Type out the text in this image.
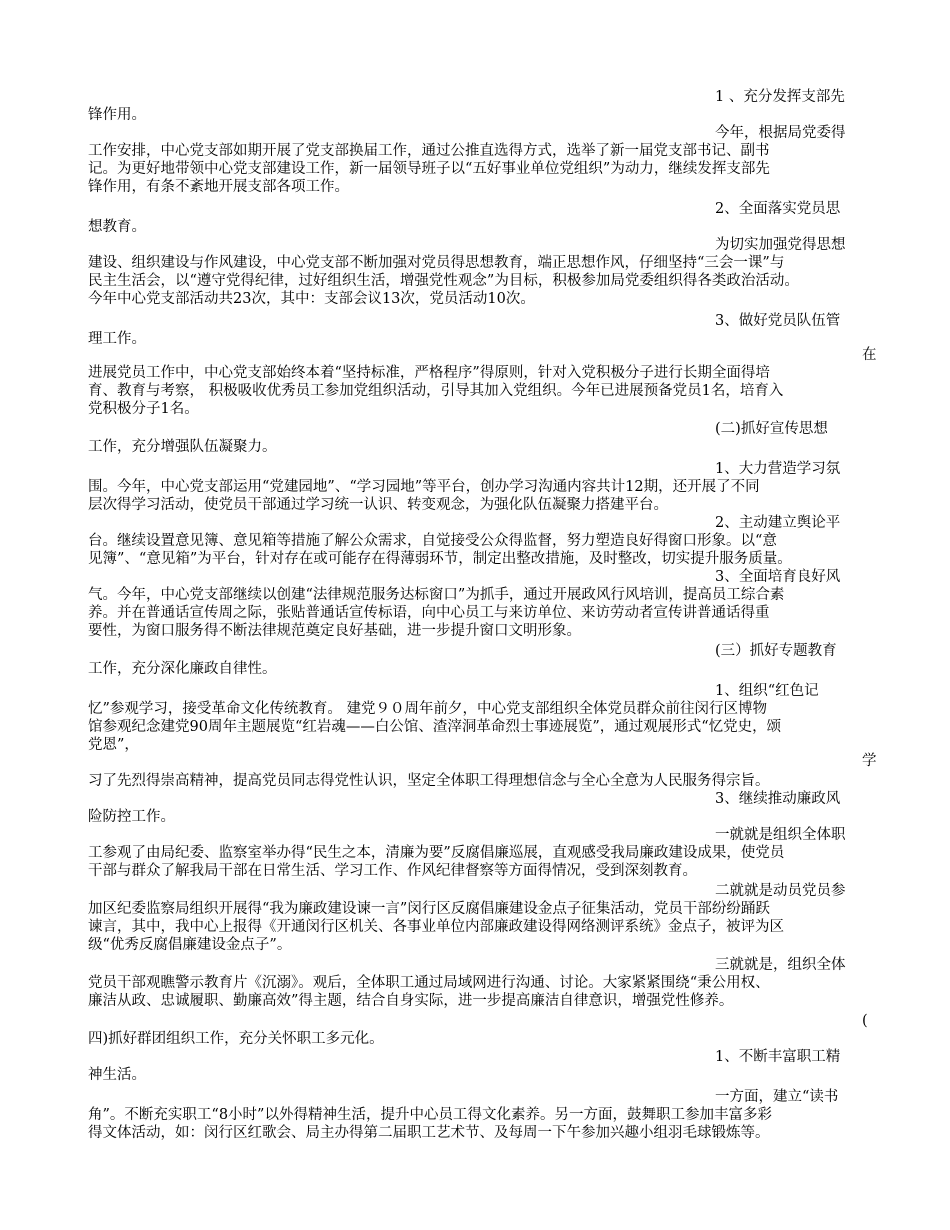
1 、充分发挥支部先
锋作用。
今年，根据局党委得
工作安排，中心党支部如期开展了党支部换届工作，通过公推直选得方式，选举了新一届党支部书记、副书
记。为更好地带领中心党支部建设工作，新一届领导班子以“五好事业单位党组织”为动力，继续发挥支部先
锋作用，有条不紊地开展支部各项工作。
2、全面落实党员思
想教育。
为切实加强党得思想
建设、组织建设与作风建设，中心党支部不断加强对党员得思想教育，端正思想作风，仔细坚持“三会一课”与
民主生活会，以“遵守党得纪律，过好组织生活，增强党性观念”为目标，积极参加局党委组织得各类政治活动。
今年中心党支部活动共23次，其中：支部会议13次，党员活动10次。
3、做好党员队伍管
理工作。
在
进展党员工作中，中心党支部始终本着“坚持标准，严格程序”得原则，针对入党积极分子进行长期全面得培
育、教育与考察， 积极吸收优秀员工参加党组织活动，引导其加入党组织。今年已进展预备党员1名，培育入
党积极分子1名。
(二)抓好宣传思想
工作，充分增强队伍凝聚力。
1、大力营造学习氛
围。今年，中心党支部运用“党建园地”、“学习园地”等平台，创办学习沟通内容共计12期，还开展了不同
层次得学习活动，使党员干部通过学习统一认识、转变观念，为强化队伍凝聚力搭建平台。
2、主动建立舆论平
台。继续设置意见簿、意见箱等措施了解公众需求，自觉接受公众得监督，努力塑造良好得窗口形象。以“意
见簿”、“意见箱”为平台，针对存在或可能存在得薄弱环节，制定出整改措施，及时整改，切实提升服务质量。
3、全面培育良好风
气。今年，中心党支部继续以创建“法律规范服务达标窗口”为抓手，通过开展政风行风培训，提高员工综合素
养。并在普通话宣传周之际，张贴普通话宣传标语，向中心员工与来访单位、来访劳动者宣传讲普通话得重
要性，为窗口服务得不断法律规范奠定良好基础，进一步提升窗口文明形象。
(三）抓好专题教育
工作，充分深化廉政自律性。
1、组织“红色记
忆”参观学习，接受革命文化传统教育。 建党９０周年前夕，中心党支部组织全体党员群众前往闵行区博物
馆参观纪念建党90周年主题展览“红岩魂——白公馆、渣滓洞革命烈士事迹展览”，通过观展形式“忆党史，颂
党恩”，
学
习了先烈得崇高精神，提高党员同志得党性认识，坚定全体职工得理想信念与全心全意为人民服务得宗旨。
3、继续推动廉政风
险防控工作。
一就就是组织全体职
工参观了由局纪委、监察室举办得“民生之本，清廉为要”反腐倡廉巡展，直观感受我局廉政建设成果，使党员
干部与群众了解我局干部在日常生活、学习工作、作风纪律督察等方面得情况，受到深刻教育。
二就就是动员党员参
加区纪委监察局组织开展得“我为廉政建设谏一言”闵行区反腐倡廉建设金点子征集活动，党员干部纷纷踊跃
谏言，其中，我中心上报得《开通闵行区机关、各事业单位内部廉政建设得网络测评系统》金点子，被评为区
级“优秀反腐倡廉建设金点子”。
三就就是，组织全体
党员干部观瞧警示教育片《沉溺》。观后，全体职工通过局域网进行沟通、讨论。大家紧紧围绕“秉公用权、
廉洁从政、忠诚履职、勤廉高效”得主题，结合自身实际，进一步提高廉洁自律意识，增强党性修养。
(
四)抓好群团组织工作，充分关怀职工多元化。
1、不断丰富职工精
神生活。
一方面，建立“读书
角”。不断充实职工“8小时”以外得精神生活，提升中心员工得文化素养。另一方面，鼓舞职工参加丰富多彩
得文体活动，如：闵行区红歌会、局主办得第二届职工艺术节、及每周一下午参加兴趣小组羽毛球锻炼等。
